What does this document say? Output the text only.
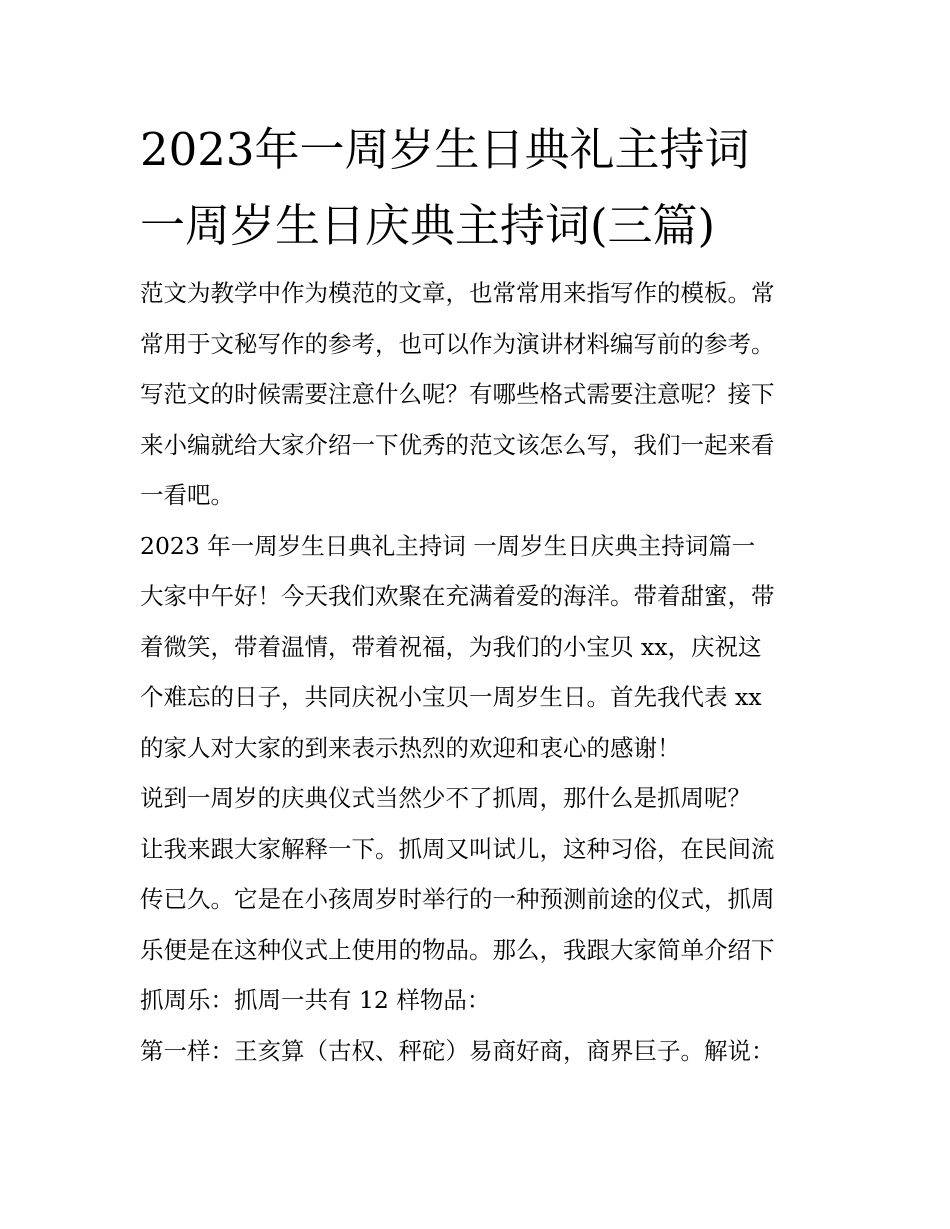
2023年一周岁生日典礼主持词
一周岁生日庆典主持词(三篇)
范文为教学中作为模范的文章，也常常用来指写作的模板。常
常用于文秘写作的参考，也可以作为演讲材料编写前的参考。
写范文的时候需要注意什么呢？有哪些格式需要注意呢？接下
来小编就给大家介绍一下优秀的范文该怎么写，我们一起来看
一看吧。
2023 年一周岁生日典礼主持词 一周岁生日庆典主持词篇一
大家中午好！今天我们欢聚在充满着爱的海洋。带着甜蜜，带
着微笑，带着温情，带着祝福，为我们的小宝贝 xx，庆祝这
个难忘的日子，共同庆祝小宝贝一周岁生日。首先我代表 xx
的家人对大家的到来表示热烈的欢迎和衷心的感谢！
说到一周岁的庆典仪式当然少不了抓周，那什么是抓周呢？
让我来跟大家解释一下。抓周又叫试儿，这种习俗，在民间流
传已久。它是在小孩周岁时举行的一种预测前途的仪式，抓周
乐便是在这种仪式上使用的物品。那么，我跟大家简单介绍下
抓周乐：抓周一共有 12 样物品：
第一样：王亥算（古权、秤砣）易商好商，商界巨子。解说：
